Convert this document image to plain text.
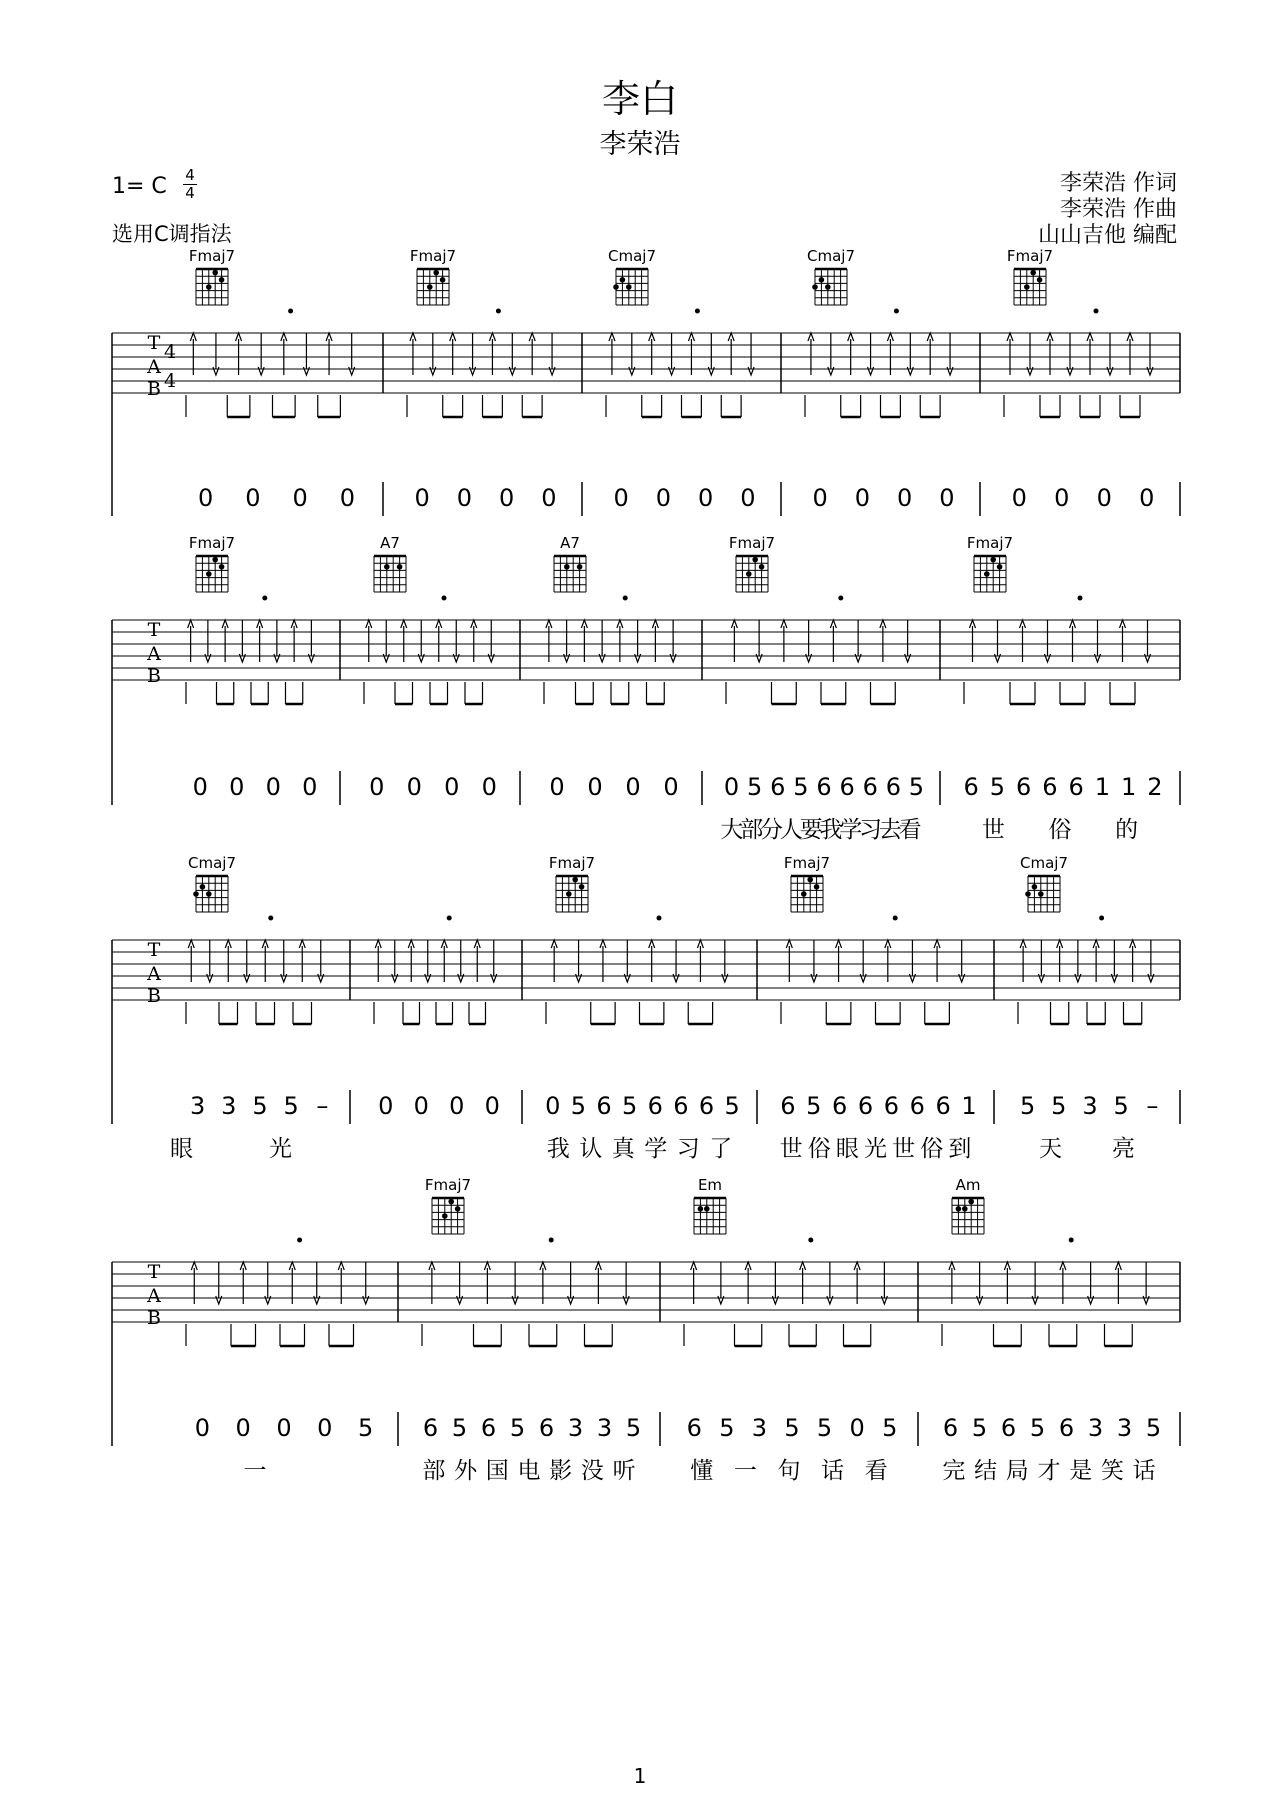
李白
李荣浩
1= C 4
4
选用C调指法
李荣浩 作词
李荣浩 作曲
山山吉他 编配
1
T
A
B
4
4
Fmaj7
0 0 0 0
Fmaj7
0 0 0 0
Cmaj7
0 0 0 0
Cmaj7
0 0 0 0
Fmaj7
0 0 0 0
T
A
B
Fmaj7
0 0 0 0
A7
0 0 0 0
A7
0 0 0 0
Fmaj7
0 5 6 5 6 6 6 6 5
大
部
分
人
要
我
学
习
去
看
Fmaj7
6 5 6 6 6 1 1 2
世 俗 的
T
A
B
Cmaj7
3 3 5 5 –
眼	光
0 0 0 0
Fmaj7
0 5 6 5 6 6 6 5
我 认 真 学 习 了
Fmaj7
6 5 6 6 6 6 6 1
世 俗 眼 光 世 俗 到
Cmaj7
5 5 3 5 –
天 亮
T
A
B
0 0 0 0 5
一
Fmaj7
6 5 6 5 6 3 3 5
部 外 国 电 影 没 听
Em
6 5 3 5 5 0 5
懂 一 句 话 看
Am
6 5 6 5 6 3 3 5
完 结 局 才 是 笑 话
